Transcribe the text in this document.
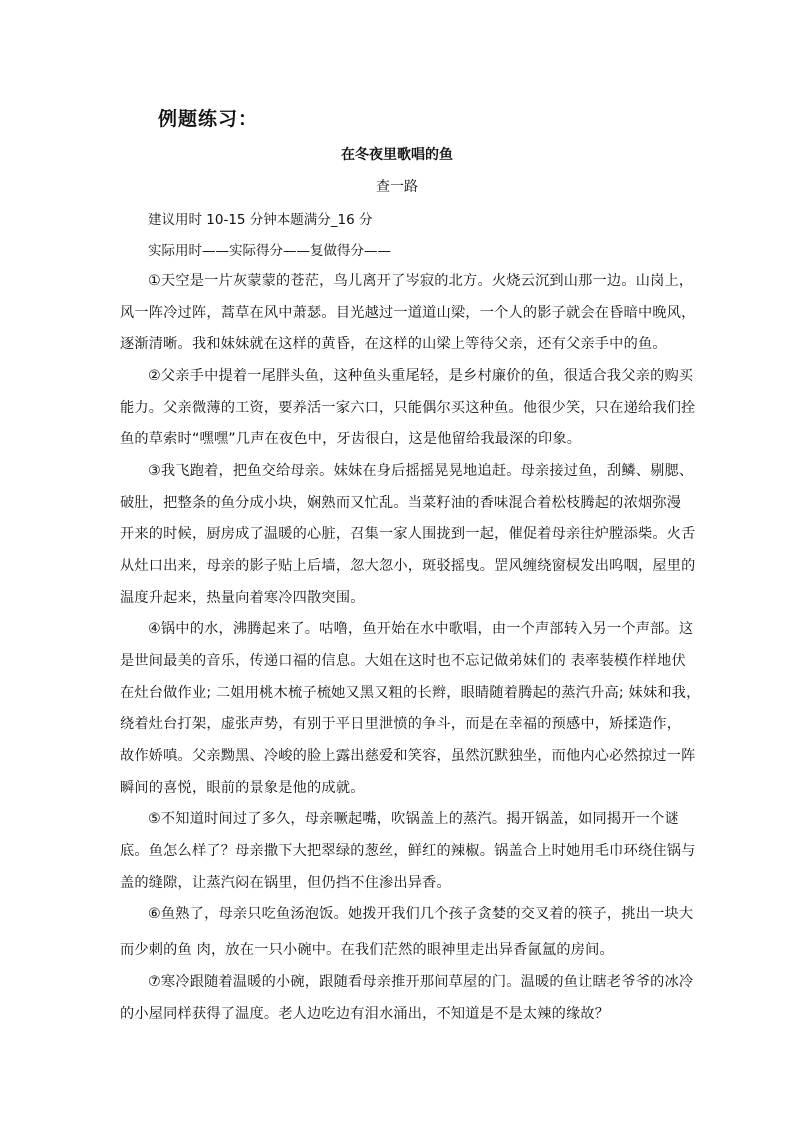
例题练习：
在冬夜里歌唱的鱼
查一路
建议用时 10-15 分钟本题满分_16 分
实际用时——实际得分——复做得分——
①天空是一片灰蒙蒙的苍茫，鸟儿离开了岑寂的北方。火烧云沉到山那一边。山岗上，
风一阵冷过阵，蒿草在风中萧瑟。目光越过一道道山梁，一个人的影子就会在昏暗中晚风，
逐渐清晰。我和妹妹就在这样的黄昏，在这样的山梁上等待父亲，还有父亲手中的鱼。
②父亲手中提着一尾胖头鱼，这种鱼头重尾轻，是乡村廉价的鱼，很适合我父亲的购买
能力。父亲微薄的工资，要养活一家六口，只能偶尔买这种鱼。他很少笑，只在递给我们拴
鱼的草索时“嘿嘿”几声在夜色中，牙齿很白，这是他留给我最深的印象。
③我飞跑着，把鱼交给母亲。妹妹在身后摇摇晃晃地追赶。母亲接过鱼，刮鳞、剔腮、
破肚，把整条的鱼分成小块，娴熟而又忙乱。当菜籽油的香味混合着松枝腾起的浓烟弥漫
开来的时候，厨房成了温暖的心脏，召集一家人围拢到一起，催促着母亲往炉膛添柴。火舌
从灶口出来，母亲的影子贴上后墙，忽大忽小，斑驳摇曳。罡风缠绕窗棂发出呜咽，屋里的
温度升起来，热量向着寒冷四散突围。
④锅中的水，沸腾起来了。咕噜，鱼开始在水中歌唱，由一个声部转入另一个声部。这
是世间最美的音乐，传递口福的信息。大姐在这时也不忘记做弟妹们的 表率装模作样地伏
在灶台做作业; 二姐用桃木梳子梳她又黑又粗的长辫，眼睛随着腾起的蒸汽升高; 妹妹和我，
绕着灶台打架，虚张声势，有别于平日里泄愤的争斗，而是在幸福的预感中，矫揉造作，
故作娇嗔。父亲黝黑、冷峻的脸上露出慈爱和笑容，虽然沉默独坐，而他内心必然掠过一阵
瞬间的喜悦，眼前的景象是他的成就。
⑤不知道时间过了多久，母亲噘起嘴，吹锅盖上的蒸汽。揭开锅盖，如同揭开一个谜
底。鱼怎么样了？母亲撒下大把翠绿的葱丝，鲜红的辣椒。锅盖合上时她用毛巾环绕住锅与
盖的缝隙，让蒸汽闷在锅里，但仍挡不住渗出异香。
⑥鱼熟了，母亲只吃鱼汤泡饭。她拨开我们几个孩子贪婪的交叉着的筷子，挑出一块大
而少刺的鱼 肉，放在一只小碗中。在我们茫然的眼神里走出异香氤氲的房间。
⑦寒冷跟随着温暖的小碗，跟随看母亲推开那间草屋的门。温暖的鱼让瞎老爷爷的冰冷
的小屋同样获得了温度。老人边吃边有泪水涌出，不知道是不是太辣的缘故？
